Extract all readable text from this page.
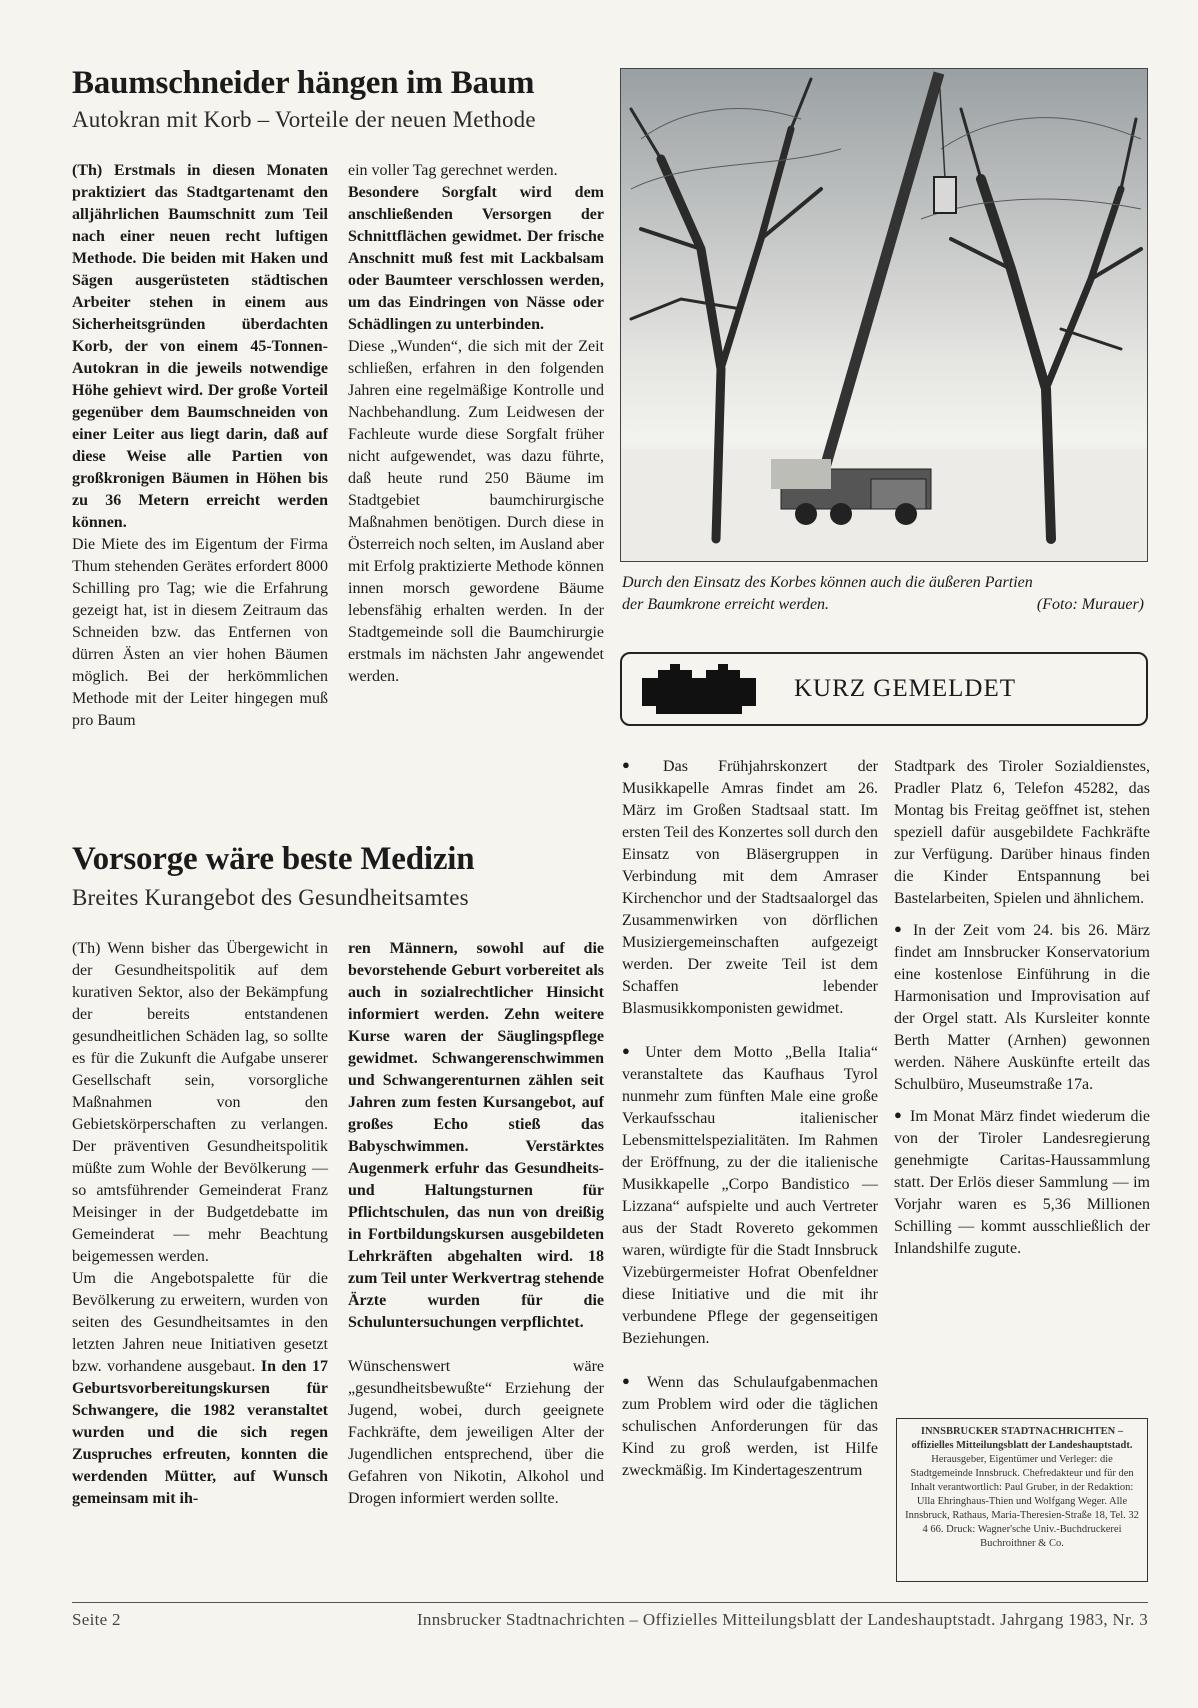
Baumschneider hängen im Baum
Autokran mit Korb – Vorteile der neuen Methode

(Th) Erstmals in diesen Monaten praktiziert das Stadtgartenamt den alljährlichen Baumschnitt zum Teil nach einer neuen recht luftigen Methode. Die beiden mit Haken und Sägen ausgerüsteten städtischen Arbeiter stehen in einem aus Sicherheitsgründen überdachten Korb, der von einem 45-Tonnen-Autokran in die jeweils notwendige Höhe gehievt wird. Der große Vorteil gegenüber dem Baumschneiden von einer Leiter aus liegt darin, daß auf diese Weise alle Partien von großkronigen Bäumen in Höhen bis zu 36 Metern erreicht werden können.

Die Miete des im Eigentum der Firma Thum stehenden Gerätes erfordert 8000 Schilling pro Tag; wie die Erfahrung gezeigt hat, ist in diesem Zeitraum das Schneiden bzw. das Entfernen von dürren Ästen an vier hohen Bäumen möglich. Bei der herkömmlichen Methode mit der Leiter hingegen muß pro Baum

ein voller Tag gerechnet werden.

Besondere Sorgfalt wird dem anschließenden Versorgen der Schnittflächen gewidmet. Der frische Anschnitt muß fest mit Lackbalsam oder Baumteer verschlossen werden, um das Eindringen von Nässe oder Schädlingen zu unterbinden.

Diese „Wunden“, die sich mit der Zeit schließen, erfahren in den folgenden Jahren eine regelmäßige Kontrolle und Nachbehandlung. Zum Leidwesen der Fachleute wurde diese Sorgfalt früher nicht aufgewendet, was dazu führte, daß heute rund 250 Bäume im Stadtgebiet baumchirurgische Maßnahmen benötigen. Durch diese in Österreich noch selten, im Ausland aber mit Erfolg praktizierte Methode können innen morsch gewordene Bäume lebensfähig erhalten werden. In der Stadtgemeinde soll die Baumchirurgie erstmals im nächsten Jahr angewendet werden.

Durch den Einsatz des Korbes können auch die äußeren Partien
der Baumkrone erreicht werden.	(Foto: Murauer)
KURZ GEMELDET

● Das Frühjahrskonzert der Musikkapelle Amras findet am 26. März im Großen Stadtsaal statt. Im ersten Teil des Konzertes soll durch den Einsatz von Bläsergruppen in Verbindung mit dem Amraser Kirchenchor und der Stadtsaalorgel das Zusammenwirken von dörflichen Musiziergemeinschaften aufgezeigt werden. Der zweite Teil ist dem Schaffen lebender Blasmusikkomponisten gewidmet.

● Unter dem Motto „Bella Italia“ veranstaltete das Kaufhaus Tyrol nunmehr zum fünften Male eine große Verkaufsschau italienischer Lebensmittelspezialitäten. Im Rahmen der Eröffnung, zu der die italienische Musikkapelle „Corpo Bandistico — Lizzana“ aufspielte und auch Vertreter aus der Stadt Rovereto gekommen waren, würdigte für die Stadt Innsbruck Vizebürgermeister Hofrat Obenfeldner diese Initiative und die mit ihr verbundene Pflege der gegenseitigen Beziehungen.

● Wenn das Schulaufgabenmachen zum Problem wird oder die täglichen schulischen Anforderungen für das Kind zu groß werden, ist Hilfe zweckmäßig. Im Kindertageszentrum

Stadtpark des Tiroler Sozialdienstes, Pradler Platz 6, Telefon 45282, das Montag bis Freitag geöffnet ist, stehen speziell dafür ausgebildete Fachkräfte zur Verfügung. Darüber hinaus finden die Kinder Entspannung bei Bastelarbeiten, Spielen und ähnlichem.

● In der Zeit vom 24. bis 26. März findet am Innsbrucker Konservatorium eine kostenlose Einführung in die Harmonisation und Improvisation auf der Orgel statt. Als Kursleiter konnte Berth Matter (Arnhen) gewonnen werden. Nähere Auskünfte erteilt das Schulbüro, Museumstraße 17a.

● Im Monat März findet wiederum die von der Tiroler Landesregierung genehmigte Caritas-Haussammlung statt. Der Erlös dieser Sammlung — im Vorjahr waren es 5,36 Millionen Schilling — kommt ausschließlich der Inlandshilfe zugute.

INNSBRUCKER STADTNACHRICHTEN – offizielles Mitteilungsblatt der Landeshauptstadt. Herausgeber, Eigentümer und Verleger: die Stadtgemeinde Innsbruck. Chefredakteur und für den Inhalt verantwortlich: Paul Gruber, in der Redaktion: Ulla Ehringhaus-Thien und Wolfgang Weger. Alle Innsbruck, Rathaus, Maria-Theresien-Straße 18, Tel. 32 4 66. Druck: Wagner'sche Univ.-Buchdruckerei Buchroithner & Co.
Vorsorge wäre beste Medizin
Breites Kurangebot des Gesundheitsamtes

(Th) Wenn bisher das Übergewicht in der Gesundheitspolitik auf dem kurativen Sektor, also der Bekämpfung der bereits entstandenen gesundheitlichen Schäden lag, so sollte es für die Zukunft die Aufgabe unserer Gesellschaft sein, vorsorgliche Maßnahmen von den Gebietskörperschaften zu verlangen. Der präventiven Gesundheitspolitik müßte zum Wohle der Bevölkerung — so amtsführender Gemeinderat Franz Meisinger in der Budgetdebatte im Gemeinderat — mehr Beachtung beigemessen werden.

Um die Angebotspalette für die Bevölkerung zu erweitern, wurden von seiten des Gesundheitsamtes in den letzten Jahren neue Initiativen gesetzt bzw. vorhandene ausgebaut. In den 17 Geburtsvorbereitungskursen für Schwangere, die 1982 veranstaltet wurden und die sich regen Zuspruches erfreuten, konnten die werdenden Mütter, auf Wunsch gemeinsam mit ih-

ren Männern, sowohl auf die bevorstehende Geburt vorbereitet als auch in sozialrechtlicher Hinsicht informiert werden. Zehn weitere Kurse waren der Säuglingspflege gewidmet. Schwangerenschwimmen und Schwangerenturnen zählen seit Jahren zum festen Kursangebot, auf großes Echo stieß das Babyschwimmen. Verstärktes Augenmerk erfuhr das Gesundheits- und Haltungsturnen für Pflichtschulen, das nun von dreißig in Fortbildungskursen ausgebildeten Lehrkräften abgehalten wird. 18 zum Teil unter Werkvertrag stehende Ärzte wurden für die Schuluntersuchungen verpflichtet.

Wünschenswert wäre „gesundheitsbewußte“ Erziehung der Jugend, wobei, durch geeignete Fachkräfte, dem jeweiligen Alter der Jugendlichen entsprechend, über die Gefahren von Nikotin, Alkohol und Drogen informiert werden sollte.

Seite 2	Innsbrucker Stadtnachrichten – Offizielles Mitteilungsblatt der Landeshauptstadt. Jahrgang 1983, Nr. 3
